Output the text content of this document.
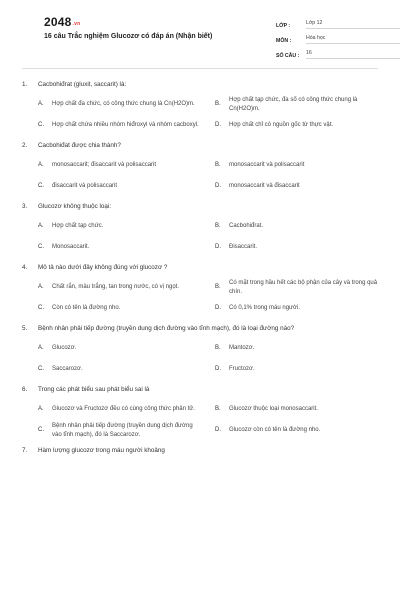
2048.vn
16 câu Trắc nghiệm Glucozơ có đáp án (Nhận biết)
LỚP :	Lớp 12
MÔN :	Hóa học
SỐ CÂU :	16
1.	Cacbohiđrat (gluxit, saccarit) là:
A.	Hợp chất đa chức, có công thức chung là Cn(H2O)m.	B.
Hợp chất tạp chức, đa số có công thức chung là Cn(H2O)m.
C.	Hợp chất chứa nhiều nhóm hiđroxyl và nhóm cacboxyl.	D.	Hợp chất chỉ có nguồn gốc từ thực vật.
2.	Cacbohiđat được chia thành?
A.	monosaccarit; đisaccarit và polisaccarit	B.	monosaccarit và polisaccarit
C.	đisaccarit và polisaccarit	D.	monosaccarit và đisaccarit
3.	Glucozơ không thuộc loại:
A.	Hợp chất tạp chức.	B.	Cacbohiđrat.
C.	Monosaccarit.	D.	Đisaccarit.
4.	Mô tả nào dưới đây không đúng với glucozơ ?
A.	Chất rắn, màu trắng, tan trong nước, có vị ngọt.	B.
Có mặt trong hầu hết các bộ phận của cây và trong quả chín.
C.	Còn có tên là đường nho.	D.	Có 0,1% trong máu người.
5.	Bệnh nhân phải tiếp đường (truyền dung dịch đường vào tĩnh mạch), đó là loại đường nào?
A.	Glucozơ.	B.	Mantozơ.
C.	Saccarozơ.	D.	Fructozơ.
6.	Trong các phát biểu sau phát biểu sai là
A.	Glucozơ và Fructozơ đều có cùng công thức phân tử.	B.	Glucozơ thuộc loại monosaccarit.
C.
Bệnh nhân phải tiếp đường (truyền dung dịch đường vào tĩnh mạch), đó là Saccarozơ.
D.	Glucozơ còn có tên là đường nho.
7.	Hàm lượng glucozơ trong máu người khoảng
